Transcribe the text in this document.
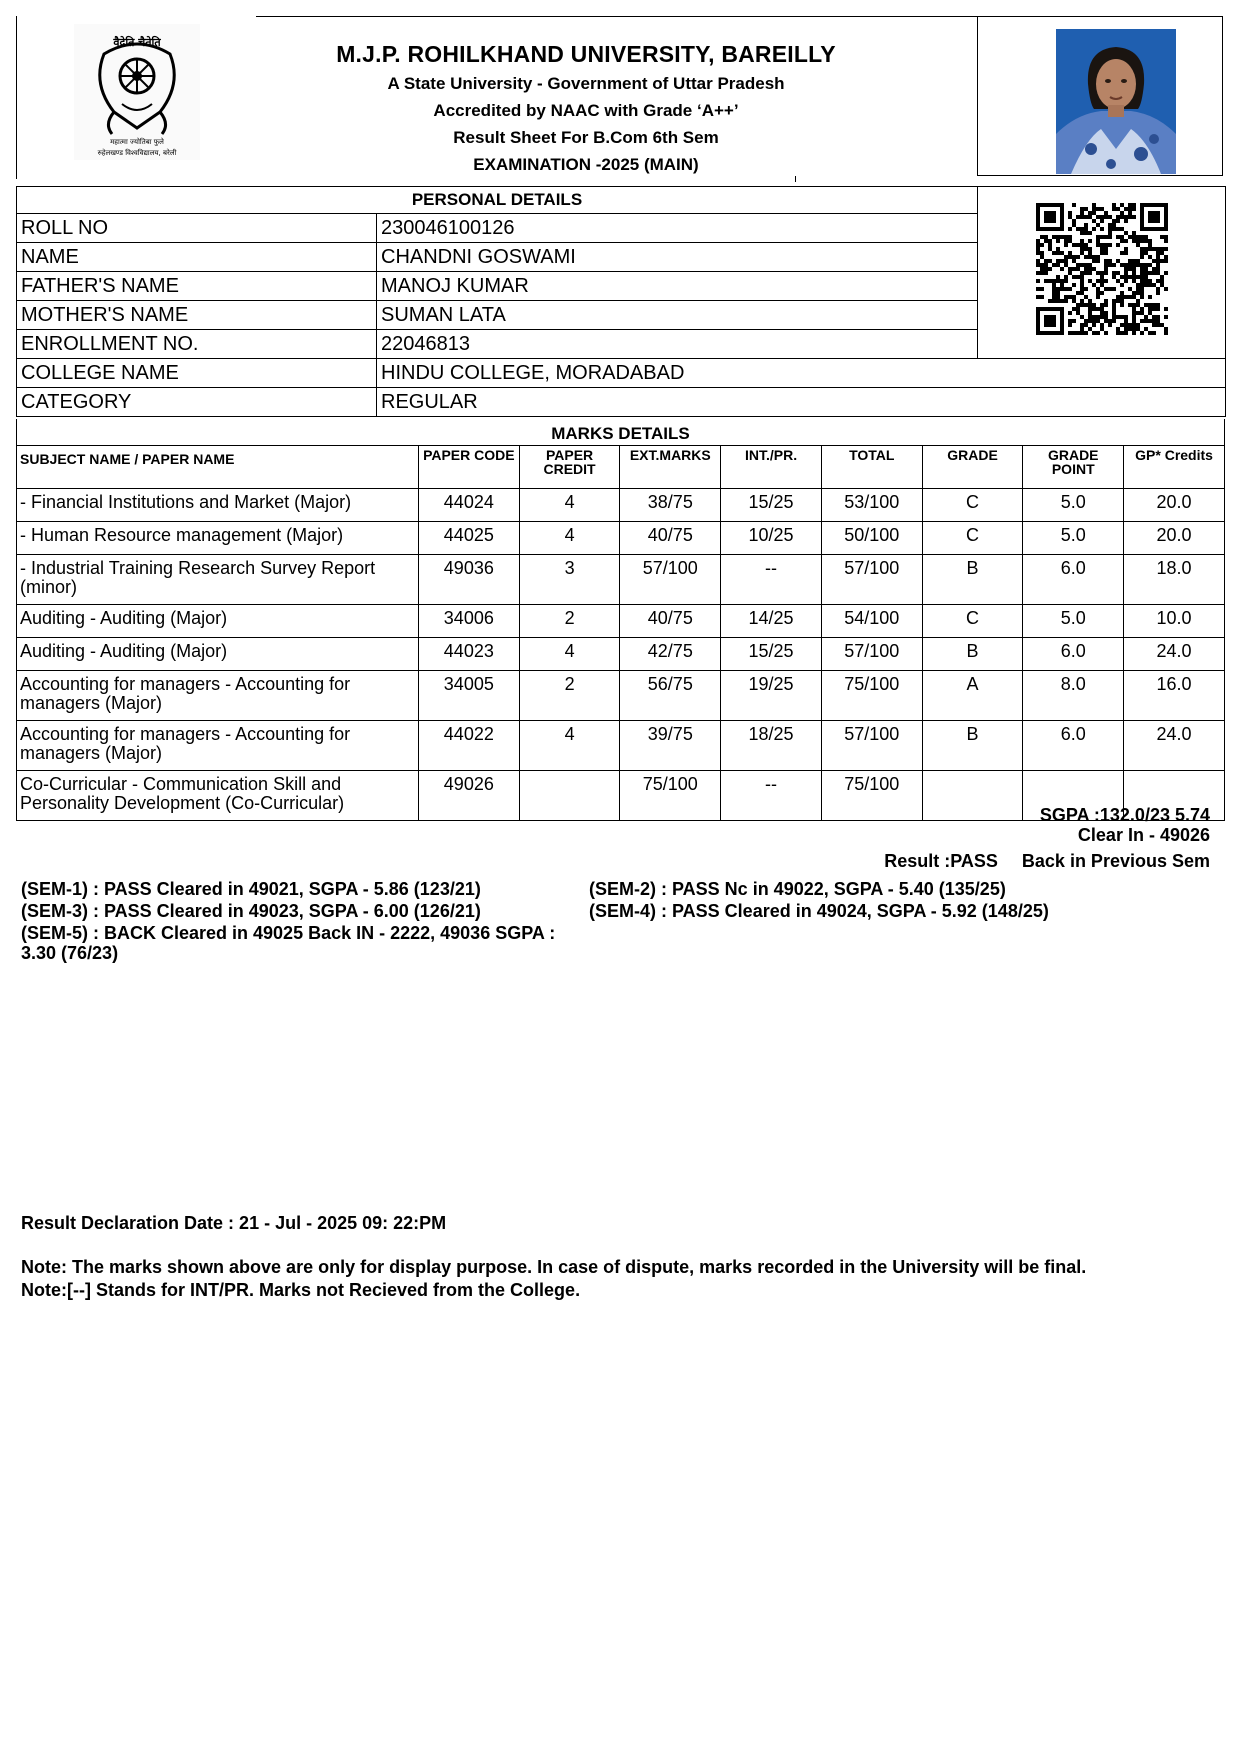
वैदेति चैतेति
महात्मा ज्योतिबा फुले
रुहेलखण्ड विश्वविद्यालय, बरेली
M.J.P. ROHILKHAND UNIVERSITY, BAREILLY
A State University - Government of Uttar Pradesh
Accredited by NAAC with Grade ‘A++’
Result Sheet For B.Com 6th Sem
EXAMINATION -2025 (MAIN)
PERSONAL DETAILS	
ROLL NO	230046100126	
NAME	CHANDNI GOSWAMI	
FATHER'S NAME	MANOJ KUMAR	
MOTHER'S NAME	SUMAN LATA	
ENROLLMENT NO.	22046813	
COLLEGE NAME	HINDU COLLEGE, MORADABAD	
CATEGORY	REGULAR	
MARKS DETAILS								
SUBJECT NAME / PAPER NAME	PAPER CODE	PAPER CREDIT	EXT.MARKS	INT./PR.	TOTAL	GRADE	GRADE POINT	GP* Credits
- Financial Institutions and Market (Major)	44024	4	38/75	15/25	53/100	C	5.0	20.0
- Human Resource management (Major)	44025	4	40/75	10/25	50/100	C	5.0	20.0
- Industrial Training Research Survey Report (minor)	49036	3	57/100	--	57/100	B	6.0	18.0
Auditing - Auditing (Major)	34006	2	40/75	14/25	54/100	C	5.0	10.0
Auditing - Auditing (Major)	44023	4	42/75	15/25	57/100	B	6.0	24.0
Accounting for managers - Accounting for managers (Major)	34005	2	56/75	19/25	75/100	A	8.0	16.0
Accounting for managers - Accounting for managers (Major)	44022	4	39/75	18/25	57/100	B	6.0	24.0
Co-Curricular - Communication Skill and Personality Development (Co-Curricular)	49026		75/100	--	75/100			
SGPA :132.0/23 5.74
Clear In - 49026
Result :PASS Back in Previous Sem
(SEM-1) : PASS Cleared in 49021, SGPA - 5.86 (123/21)
(SEM-3) : PASS Cleared in 49023, SGPA - 6.00 (126/21)
(SEM-5) : BACK Cleared in 49025 Back IN - 2222, 49036 SGPA : 3.30 (76/23)
(SEM-2) : PASS Nc in 49022, SGPA - 5.40 (135/25)
(SEM-4) : PASS Cleared in 49024, SGPA - 5.92 (148/25)
Result Declaration Date : 21 - Jul - 2025 09: 22:PM
Note: The marks shown above are only for display purpose. In case of dispute, marks recorded in the University will be final.
Note:[--] Stands for INT/PR. Marks not Recieved from the College.
